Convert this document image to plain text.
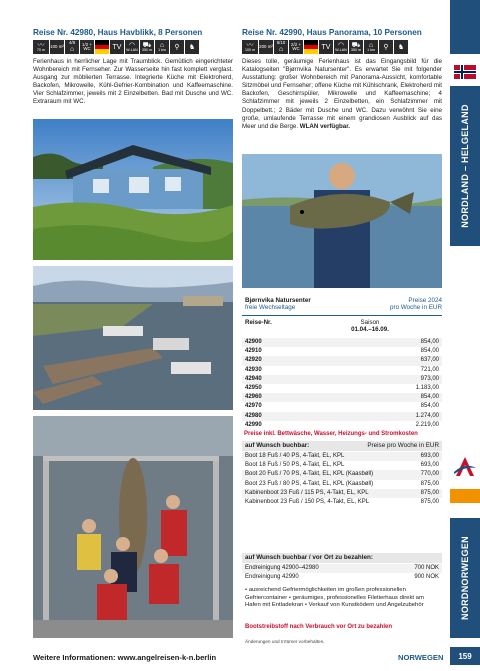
Reise Nr. 42980, Haus Havblikk, 8 Personen
〰
70 m
100 m²
4/8
⌂
1/2 + WC	TV ◠
W-LAN
⛟
350 m
⌂
1 km ⚲ ♞
Ferienhaus in herrlicher Lage mit Traumblick. Gemütlich eingerichteter Wohnbereich mit Fernseher. Zur Wasserseite hin fast komplett verglast. Ausgang zur möblierten Terrasse. Integrierte Küche mit Elektroherd, Backofen, Mikrowelle, Kühl-Gefrier-Kombination und Kaffeemaschine. Vier Schlafzimmer, jeweils mit 2 Einzelbetten. Bad mit Dusche und WC. Extraraum mit WC.
Reise Nr. 42990, Haus Panorama, 10 Personen
〰
100 m
200 m²
5/10
⌂
2/2 + WC	TV ◠
W-LAN
⛟
350 m
⌂
1 km ⚲ ♞
Dieses tolle, geräumige Ferienhaus ist das Eingangsbild für die Katalogseiten "Bjørnvika Natursenter". Es erwartet Sie mit folgender Ausstattung: großer Wohnbereich mit Panorama-Aussicht, komfortable Sitzmöbel und Fernseher; offene Küche mit Kühlschrank, Elektroherd mit Backofen, Geschirrspüler, Mikrowelle und Kaffeemaschine; 4 Schlafzimmer mit jeweils 2 Einzelbetten, ein Schlafzimmer mit Doppelbett.; 2 Bäder mit Dusche und WC. Dazu verwöhnt Sie eine große, umlaufende Terrasse mit einem grandiosen Ausblick auf das Meer und die Berge. WLAN verfügbar.
Bjørnvika Natursenter
freie Wechseltage
Preise 2024
pro Woche in EUR
Reise-Nr.	Saison
01.04.–16.09.
42900	854,00
42910	854,00
42920	637,00
42930	721,00
42940	973,00
42950	1.183,00
42960	854,00
42970	854,00
42980	1.274,00
42990	2.219,00
Preise inkl. Bettwäsche, Wasser, Heizungs- und Stromkosten
auf Wunsch buchbar:	Preise pro Woche in EUR
Boot 18 Fuß / 40 PS, 4-Takt, EL, KPL	693,00
Boot 18 Fuß / 50 PS, 4-Takt, EL, KPL	693,00
Boot 20 Fuß / 70 PS, 4-Takt, EL, KPL (Kaasbøll)	770,00
Boot 23 Fuß / 80 PS, 4-Takt, EL, KPL (Kaasbøll)	875,00
Kabinenboot 23 Fuß / 115 PS, 4-Takt, EL, KPL	875,00
Kabinenboot 23 Fuß / 150 PS, 4-Takt, EL, KPL	875,00
auf Wunsch buchbar / vor Ort zu bezahlen:
Endreinigung 42900–42980	700 NOK
Endreinigung 42990	900 NOK
• ausreichend Gefriermöglichkeiten im großen professionellen Gefriercontainer • geräumiges, professionelles Filetierhaus direkt am Hafen mit Entladekran • Verkauf von Kunstködern und Angelzubehör
Bootstreibstoff nach Verbrauch vor Ort zu bezahlen
Änderungen und Irrtümer vorbehalten.
NORDLAND – HELGELAND
NORDNORWEGEN
Weitere Informationen: www.angelreisen-k-n.berlin	NORWEGEN	159
